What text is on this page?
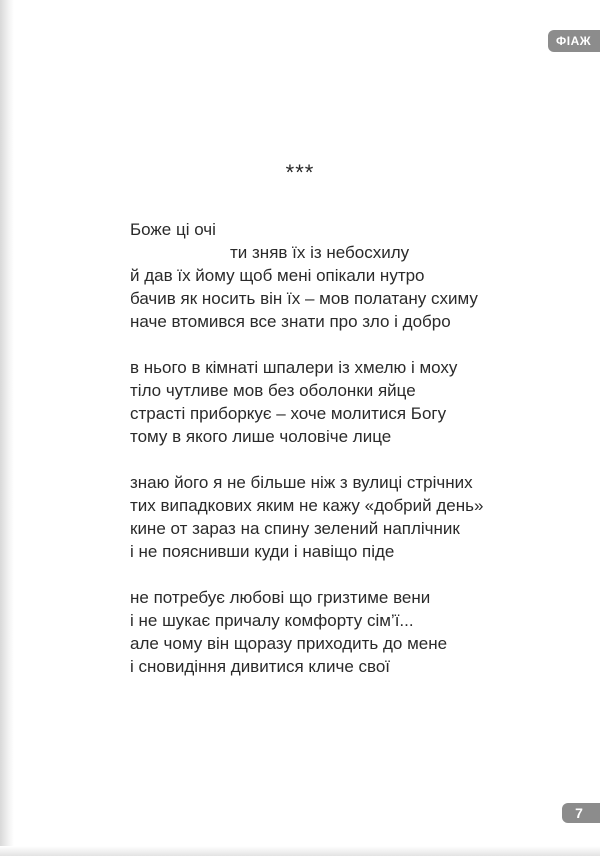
ФІАЖ
***
Боже ці очі
ти зняв їх із небосхилу
й дав їх йому щоб мені опікали нутро
бачив як носить він їх – мов полатану схиму
наче втомився все знати про зло і добро
в нього в кімнаті шпалери із хмелю і моху
тіло чутливе мов без оболонки яйце
страсті приборкує – хоче молитися Богу
тому в якого лише чоловіче лице
знаю його я не більше ніж з вулиці стрічних
тих випадкових яким не кажу «добрий день»
кине от зараз на спину зелений наплічник
і не пояснивши куди і навіщо піде
не потребує любові що гризтиме вени
і не шукає причалу комфорту сім’ї...
але чому він щоразу приходить до мене
і сновидіння дивитися кличе свої
7
